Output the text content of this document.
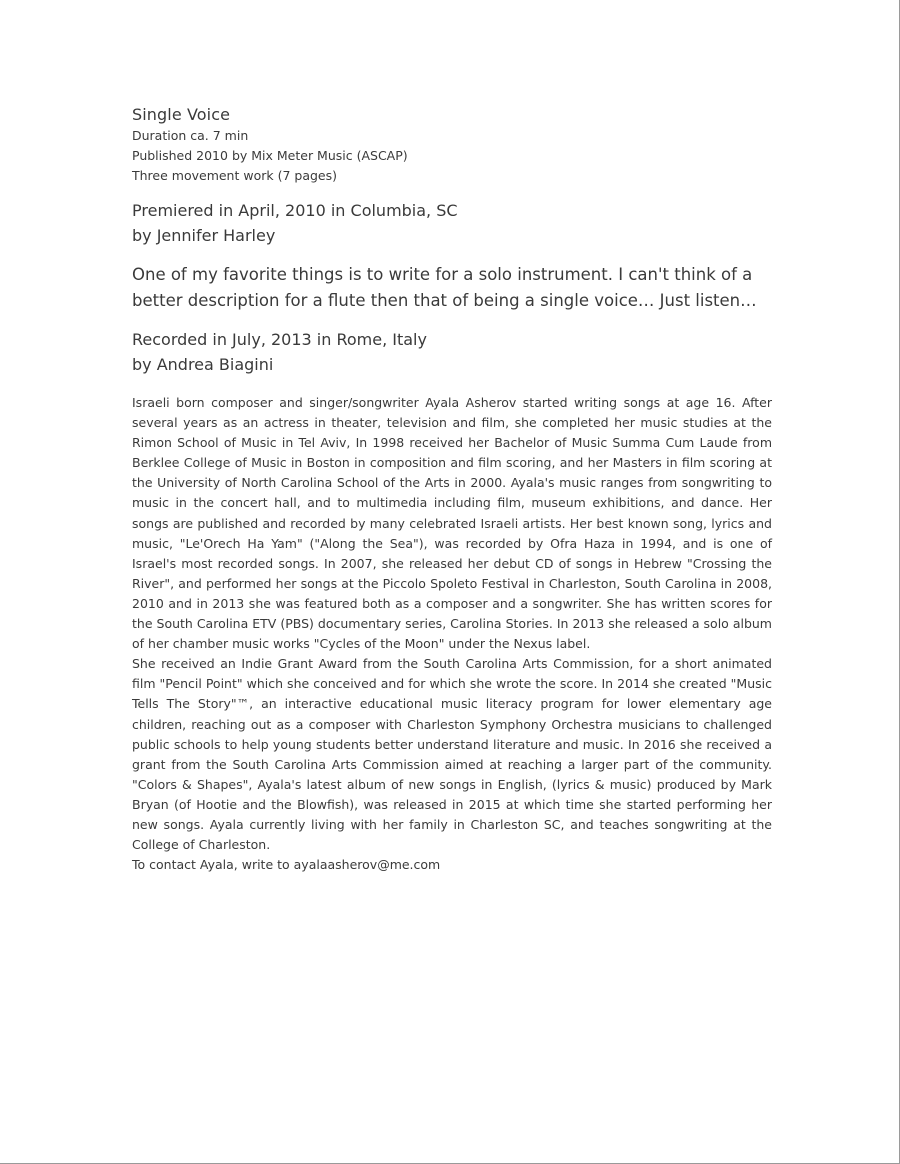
Single Voice
Duration ca. 7 min
Published 2010 by Mix Meter Music (ASCAP)
Three movement work (7 pages)
Premiered in April, 2010 in Columbia, SC
by Jennifer Harley
One of my favorite things is to write for a solo instrument. I can't think of a better description for a flute then that of being a single voice… Just listen…
Recorded in July, 2013 in Rome, Italy
by Andrea Biagini

Israeli born composer and singer/songwriter Ayala Asherov started writing songs at age 16. After several years as an actress in theater, television and film, she completed her music studies at the Rimon School of Music in Tel Aviv, In 1998 received her Bachelor of Music Summa Cum Laude from Berklee College of Music in Boston in composition and film scoring, and her Masters in film scoring at the University of North Carolina School of the Arts in 2000. Ayala's music ranges from songwriting to music in the concert hall, and to multimedia including film, museum exhibitions, and dance. Her songs are published and recorded by many celebrated Israeli artists. Her best known song, lyrics and music, "Le'Orech Ha Yam" ("Along the Sea"), was recorded by Ofra Haza in 1994, and is one of Israel's most recorded songs. In 2007, she released her debut CD of songs in Hebrew "Crossing the River", and performed her songs at the Piccolo Spoleto Festival in Charleston, South Carolina in 2008, 2010 and in 2013 she was featured both as a composer and a songwriter. She has written scores for the South Carolina ETV (PBS) documentary series, Carolina Stories. In 2013 she released a solo album of her chamber music works "Cycles of the Moon" under the Nexus label.

She received an Indie Grant Award from the South Carolina Arts Commission, for a short animated film "Pencil Point" which she conceived and for which she wrote the score. In 2014 she created "Music Tells The Story"™, an interactive educational music literacy program for lower elementary age children, reaching out as a composer with Charleston Symphony Orchestra musicians to challenged public schools to help young students better understand literature and music. In 2016 she received a grant from the South Carolina Arts Commission aimed at reaching a larger part of the community. "Colors & Shapes", Ayala's latest album of new songs in English, (lyrics & music) produced by Mark Bryan (of Hootie and the Blowfish), was released in 2015 at which time she started performing her new songs. Ayala currently living with her family in Charleston SC, and teaches songwriting at the College of Charleston.

To contact Ayala, write to ayalaasherov@me.com
